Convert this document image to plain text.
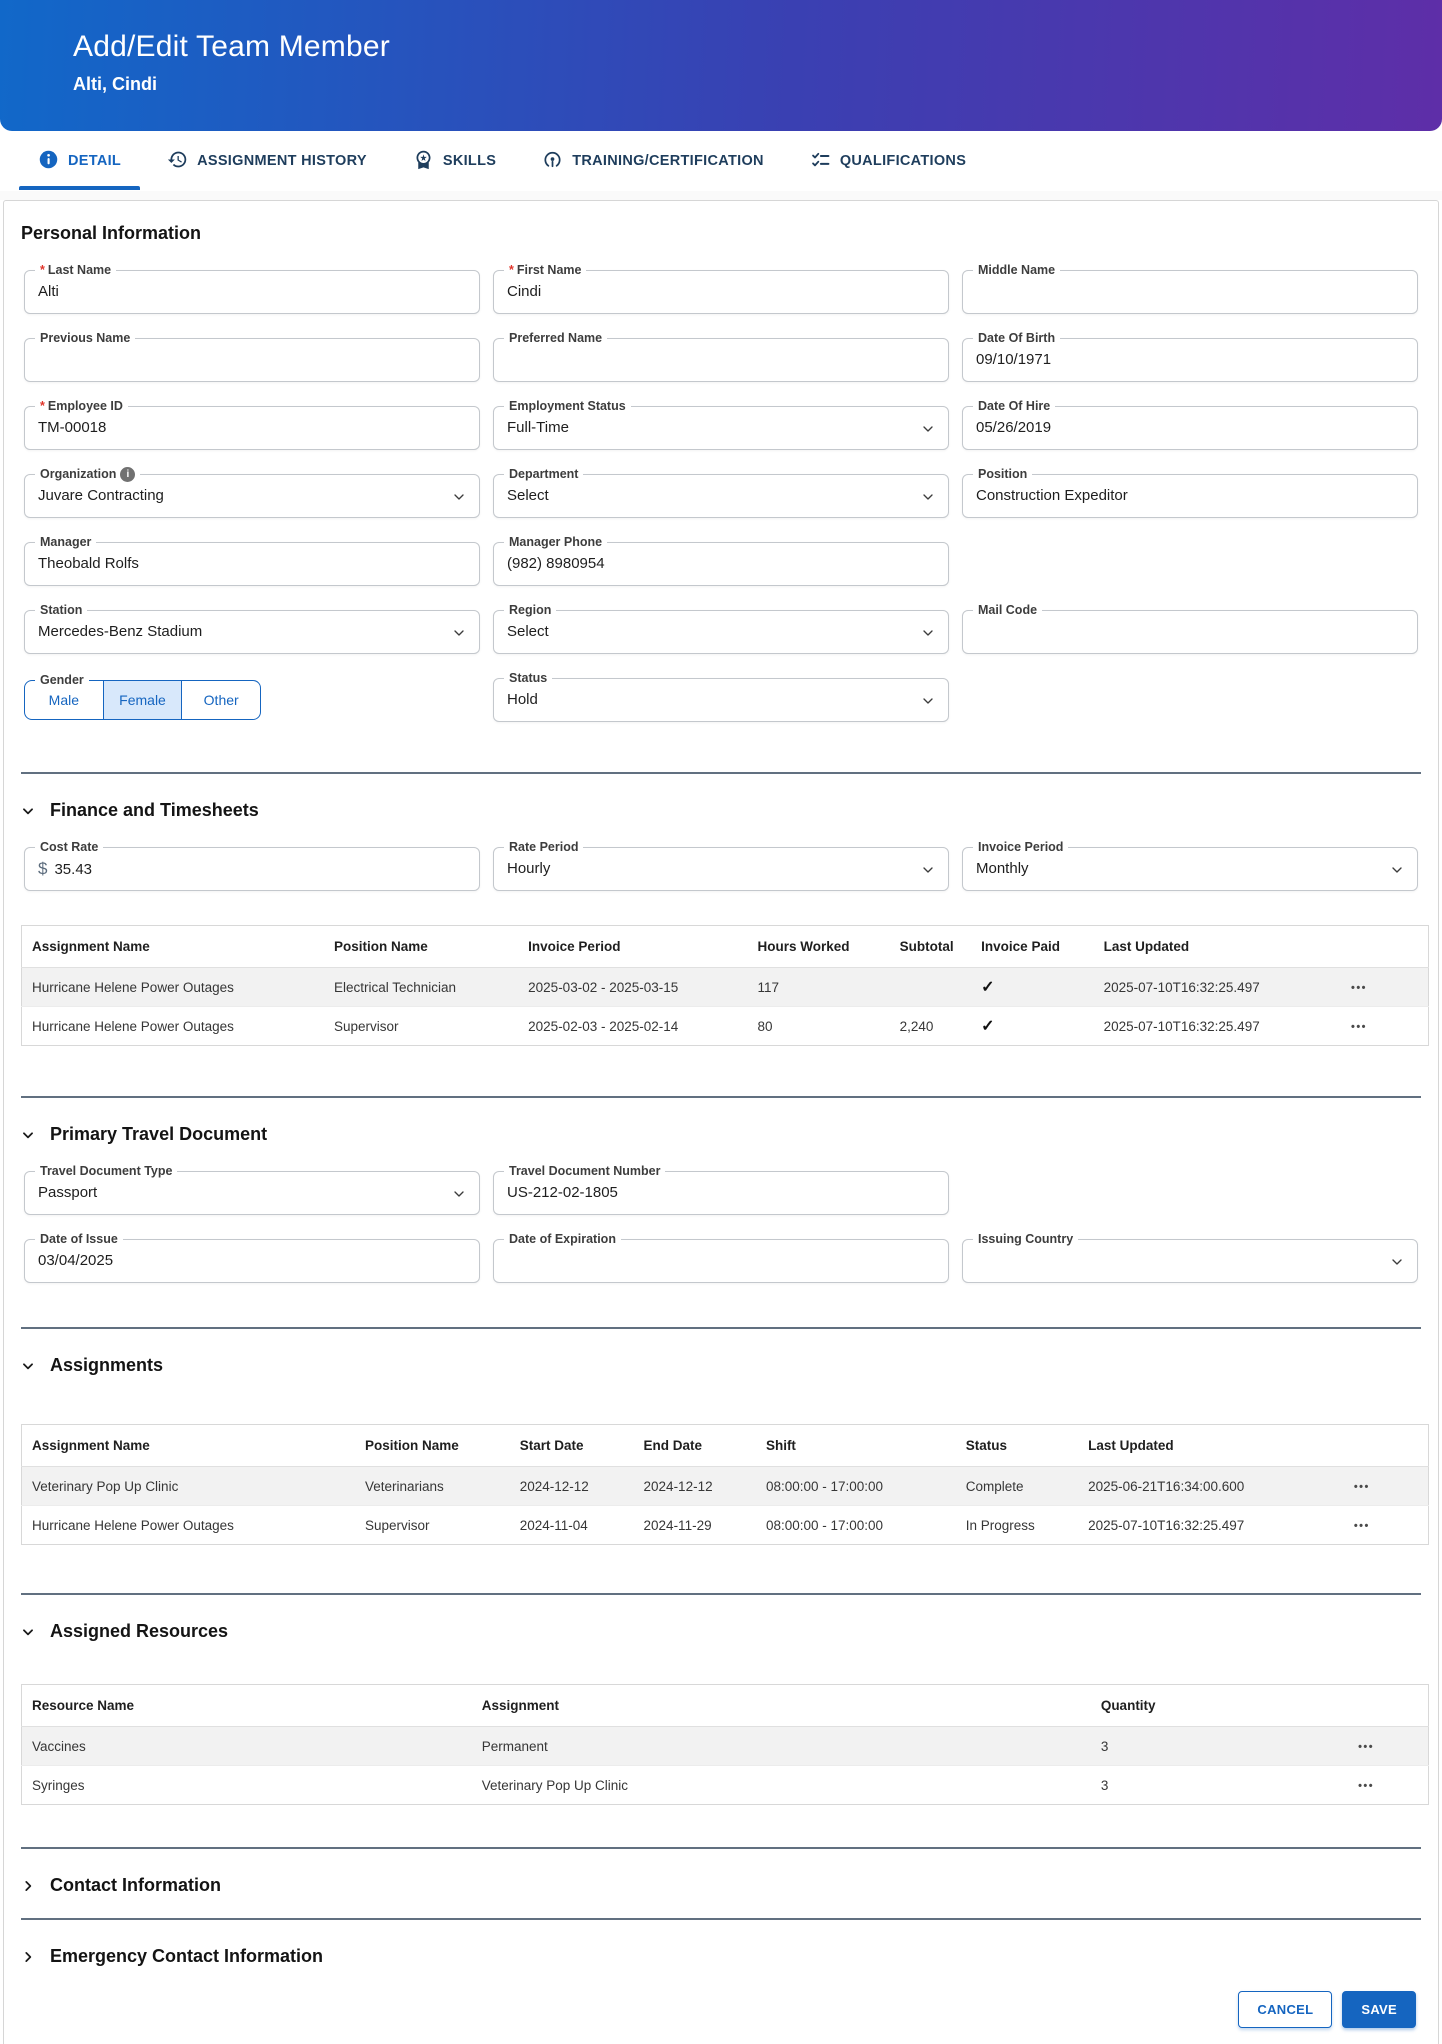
Add/Edit Team Member
Alti, Cindi
DETAIL	ASSIGNMENT HISTORY	SKILLS	TRAINING/CERTIFICATION	QUALIFICATIONS
Personal Information
* Last Name
Alti
* First Name
Cindi
Middle Name
Previous Name	Preferred Name	Date Of Birth
09/10/1971
* Employee ID
TM-00018
Employment Status
Full-Time
Date Of Hire
05/26/2019
Organization	i
Juvare Contracting
Department
Select
Position
Construction Expeditor
Manager
Theobald Rolfs
Manager Phone
(982) 8980954
Station
Mercedes-Benz Stadium
Region
Select
Mail Code
Gender
Male	Female	Other
Status
Hold
Finance and Timesheets
Cost Rate
$ 35.43
Rate Period
Hourly
Invoice Period
Monthly
Assignment Name	Position Name	Invoice Period	Hours Worked	Subtotal	Invoice Paid	Last Updated	
Hurricane Helene Power Outages	Electrical Technician	2025-03-02 - 2025-03-15	117		✓	2025-07-10T16:32:25.497	•••
Hurricane Helene Power Outages	Supervisor	2025-02-03 - 2025-02-14	80	2,240	✓	2025-07-10T16:32:25.497	•••
Primary Travel Document
Travel Document Type
Passport
Travel Document Number
US-212-02-1805
Date of Issue
03/04/2025
Date of Expiration	Issuing Country
Assignments
Assignment Name	Position Name	Start Date	End Date	Shift	Status	Last Updated	
Veterinary Pop Up Clinic	Veterinarians	2024-12-12	2024-12-12	08:00:00 - 17:00:00	Complete	2025-06-21T16:34:00.600	•••
Hurricane Helene Power Outages	Supervisor	2024-11-04	2024-11-29	08:00:00 - 17:00:00	In Progress	2025-07-10T16:32:25.497	•••
Assigned Resources
Resource Name	Assignment	Quantity	
Vaccines	Permanent	3	•••
Syringes	Veterinary Pop Up Clinic	3	•••
Contact Information
Emergency Contact Information
CANCEL	SAVE
